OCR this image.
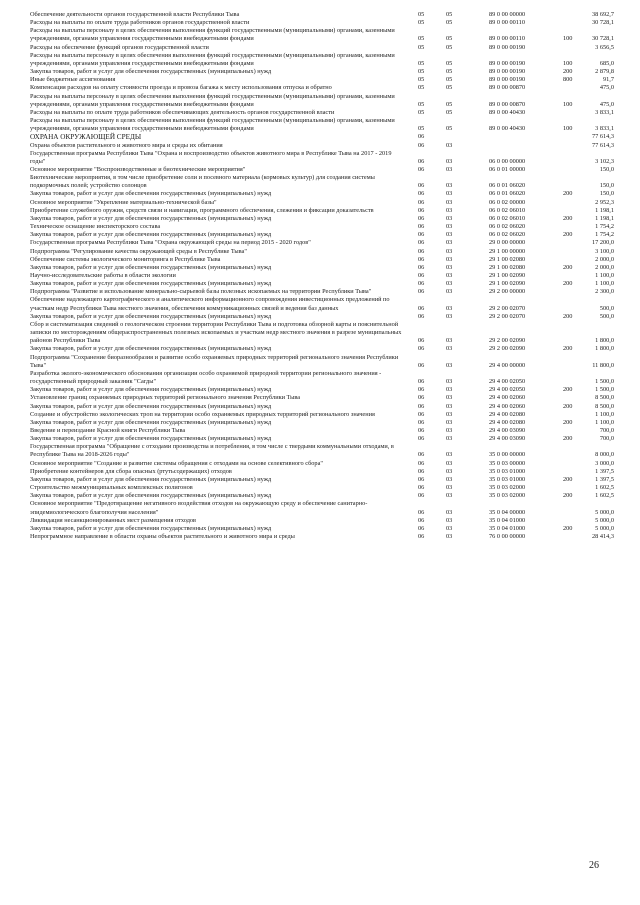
Обеспечение деятельности органов государственной власти Республики Тыва	05	05	89 0 00 00000	38 692,7
Расходы на выплаты по оплате труда работников органов государственной власти	05	05	89 0 00 00110	30 728,1
Расходы на выплаты персоналу в целях обеспечения выполнения функций государственными (муниципальными) органами, казенными учреждениями, органами управления государственными внебюджетными фондами	05	05	89 0 00 00110	100	30 728,1
Расходы на обеспечение функций органов государственной власти	05	05	89 0 00 00190	3 656,5
Расходы на выплаты персоналу в целях обеспечения выполнения функций государственными (муниципальными) органами, казенными учреждениями, органами управления государственными внебюджетными фондами	05	05	89 0 00 00190	100	685,0
Закупка товаров, работ и услуг для обеспечения государственных (муниципальных) нужд	05	05	89 0 00 00190	200	2 879,8
Иные бюджетные ассигнования	05	05	89 0 00 00190	800	91,7
Компенсация расходов на оплату стоимости проезда и провоза багажа к месту использования отпуска и обратно	05	05	89 0 00 00870	475,0
Расходы на выплаты персоналу в целях обеспечения выполнения функций государственными (муниципальными) органами, казенными учреждениями, органами управления государственными внебюджетными фондами	05	05	89 0 00 00870	100	475,0
Расходы на выплаты по оплате труда работников обеспечивающих деятельность органов государственной власти	05	05	89 0 00 40430	3 833,1
Расходы на выплаты персоналу в целях обеспечения выполнения функций государственными (муниципальными) органами, казенными учреждениями, органами управления государственными внебюджетными фондами	05	05	89 0 00 40430	100	3 833,1
ОХРАНА ОКРУЖАЮЩЕЙ СРЕДЫ	06	77 614,3
Охрана объектов растительного и животного мира и среды их обитания	06	03	77 614,3
Государственная программа Республики Тыва "Охрана и воспроизводство объектов животного мира в Республике Тыва на 2017 - 2019 годы"	06	03	06 0 00 00000	3 102,3
Основное мероприятие "Воспроизводственные и биотехнические мероприятия"	06	03	06 0 01 00000	150,0
Биотехнические мероприятия, в том числе приобретение соли и посевного материала (кормовых культур) для создания системы подкормочных полей; устройство солонцов	06	03	06 0 01 06020	150,0
Закупка товаров, работ и услуг для обеспечения государственных (муниципальных) нужд	06	03	06 0 01 06020	200	150,0
Основное мероприятие "Укрепление материально-технической базы"	06	03	06 0 02 00000	2 952,3
Приобретение служебного оружия, средств связи и навигации, программного обеспечения, слежения и фиксации доказательств	06	03	06 0 02 06010	1 198,1
Закупка товаров, работ и услуг для обеспечения государственных (муниципальных) нужд	06	03	06 0 02 06010	200	1 198,1
Техническое оснащение инспекторского состава	06	03	06 0 02 06020	1 754,2
Закупка товаров, работ и услуг для обеспечения государственных (муниципальных) нужд	06	03	06 0 02 06020	200	1 754,2
Государственная программа Республики Тыва "Охрана окружающей среды на период 2015 - 2020 годов"	06	03	29 0 00 00000	17 200,0
Подпрограмма "Регулирование качества окружающей среды в Республике Тыва"	06	03	29 1 00 00000	3 100,0
Обеспечение системы экологического мониторинга в Республике Тыва	06	03	29 1 00 02080	2 000,0
Закупка товаров, работ и услуг для обеспечения государственных (муниципальных) нужд	06	03	29 1 00 02080	200	2 000,0
Научно-исследовательские работы в области экологии	06	03	29 1 00 02090	1 100,0
Закупка товаров, работ и услуг для обеспечения государственных (муниципальных) нужд	06	03	29 1 00 02090	200	1 100,0
Подпрограмма "Развитие и использование минерально-сырьевой базы полезных ископаемых на территории Республики Тыва"	06	03	29 2 00 00000	2 300,0
Обеспечение надлежащего картографического и аналитического информационного сопровождения инвестиционных предложений по участкам недр Республики Тыва местного значения, обеспечения коммуникационных связей и ведения баз данных	06	03	29 2 00 02070	500,0
Закупка товаров, работ и услуг для обеспечения государственных (муниципальных) нужд	06	03	29 2 00 02070	200	500,0
Сбор и систематизация сведений о геологическом строении территории Республики Тыва и подготовка обзорной карты и пояснительной записки по месторождениям общераспространенных полезных ископаемых и участкам недр местного значения в разрезе муниципальных районов Республики Тыва	06	03	29 2 00 02090	1 800,0
Закупка товаров, работ и услуг для обеспечения государственных (муниципальных) нужд	06	03	29 2 00 02090	200	1 800,0
Подпрограмма "Сохранение биоразнообразия и развитие особо охраняемых природных территорий регионального значения Республики Тыва"	06	03	29 4 00 00000	11 800,0
Разработка эколого-экономического обоснования организации особо охраняемой природной территории регионального значения - государственный природный заказник "Сагды"	06	03	29 4 00 02050	1 500,0
Закупка товаров, работ и услуг для обеспечения государственных (муниципальных) нужд	06	03	29 4 00 02050	200	1 500,0
Установление границ охраняемых природных территорий регионального значения Республики Тыва	06	03	29 4 00 02060	8 500,0
Закупка товаров, работ и услуг для обеспечения государственных (муниципальных) нужд	06	03	29 4 00 02060	200	8 500,0
Создание и обустройство экологических троп на территории особо охраняемых природных территорий регионального значения	06	03	29 4 00 02080	1 100,0
Закупка товаров, работ и услуг для обеспечения государственных (муниципальных) нужд	06	03	29 4 00 02080	200	1 100,0
Введение и переиздание Красной книги Республики Тыва	06	03	29 4 00 03090	700,0
Закупка товаров, работ и услуг для обеспечения государственных (муниципальных) нужд	06	03	29 4 00 03090	200	700,0
Государственная программа "Обращение с отходами производства и потребления, в том числе с твердыми коммунальными отходами, в Республике Тыва на 2018-2026 годы"	06	03	35 0 00 00000	8 000,0
Основное мероприятие "Создание и развитие системы обращения с отходами на основе селективного сбора"	06	03	35 0 03 00000	3 000,0
Приобретение контейнеров для сбора опасных (ртутьсодержащих) отходов	06	03	35 0 03 01000	1 397,5
Закупка товаров, работ и услуг для обеспечения государственных (муниципальных) нужд	06	03	35 0 03 01000	200	1 397,5
Строительство межмуниципальных комплексных полигонов	06	03	35 0 03 02000	1 602,5
Закупка товаров, работ и услуг для обеспечения государственных (муниципальных) нужд	06	03	35 0 03 02000	200	1 602,5
Основное мероприятие "Предотвращение негативного воздействия отходов на окружающую среду и обеспечение санитарно-эпидемиологического благополучия населения"	06	03	35 0 04 00000	5 000,0
Ликвидация несанкционированных мест размещения отходов	06	03	35 0 04 01000	5 000,0
Закупка товаров, работ и услуг для обеспечения государственных (муниципальных) нужд	06	03	35 0 04 01000	200	5 000,0
Непрограммное направление в области охраны объектов растительного и животного мира и среды	06	03	76 0 00 00000	28 414,3
26
